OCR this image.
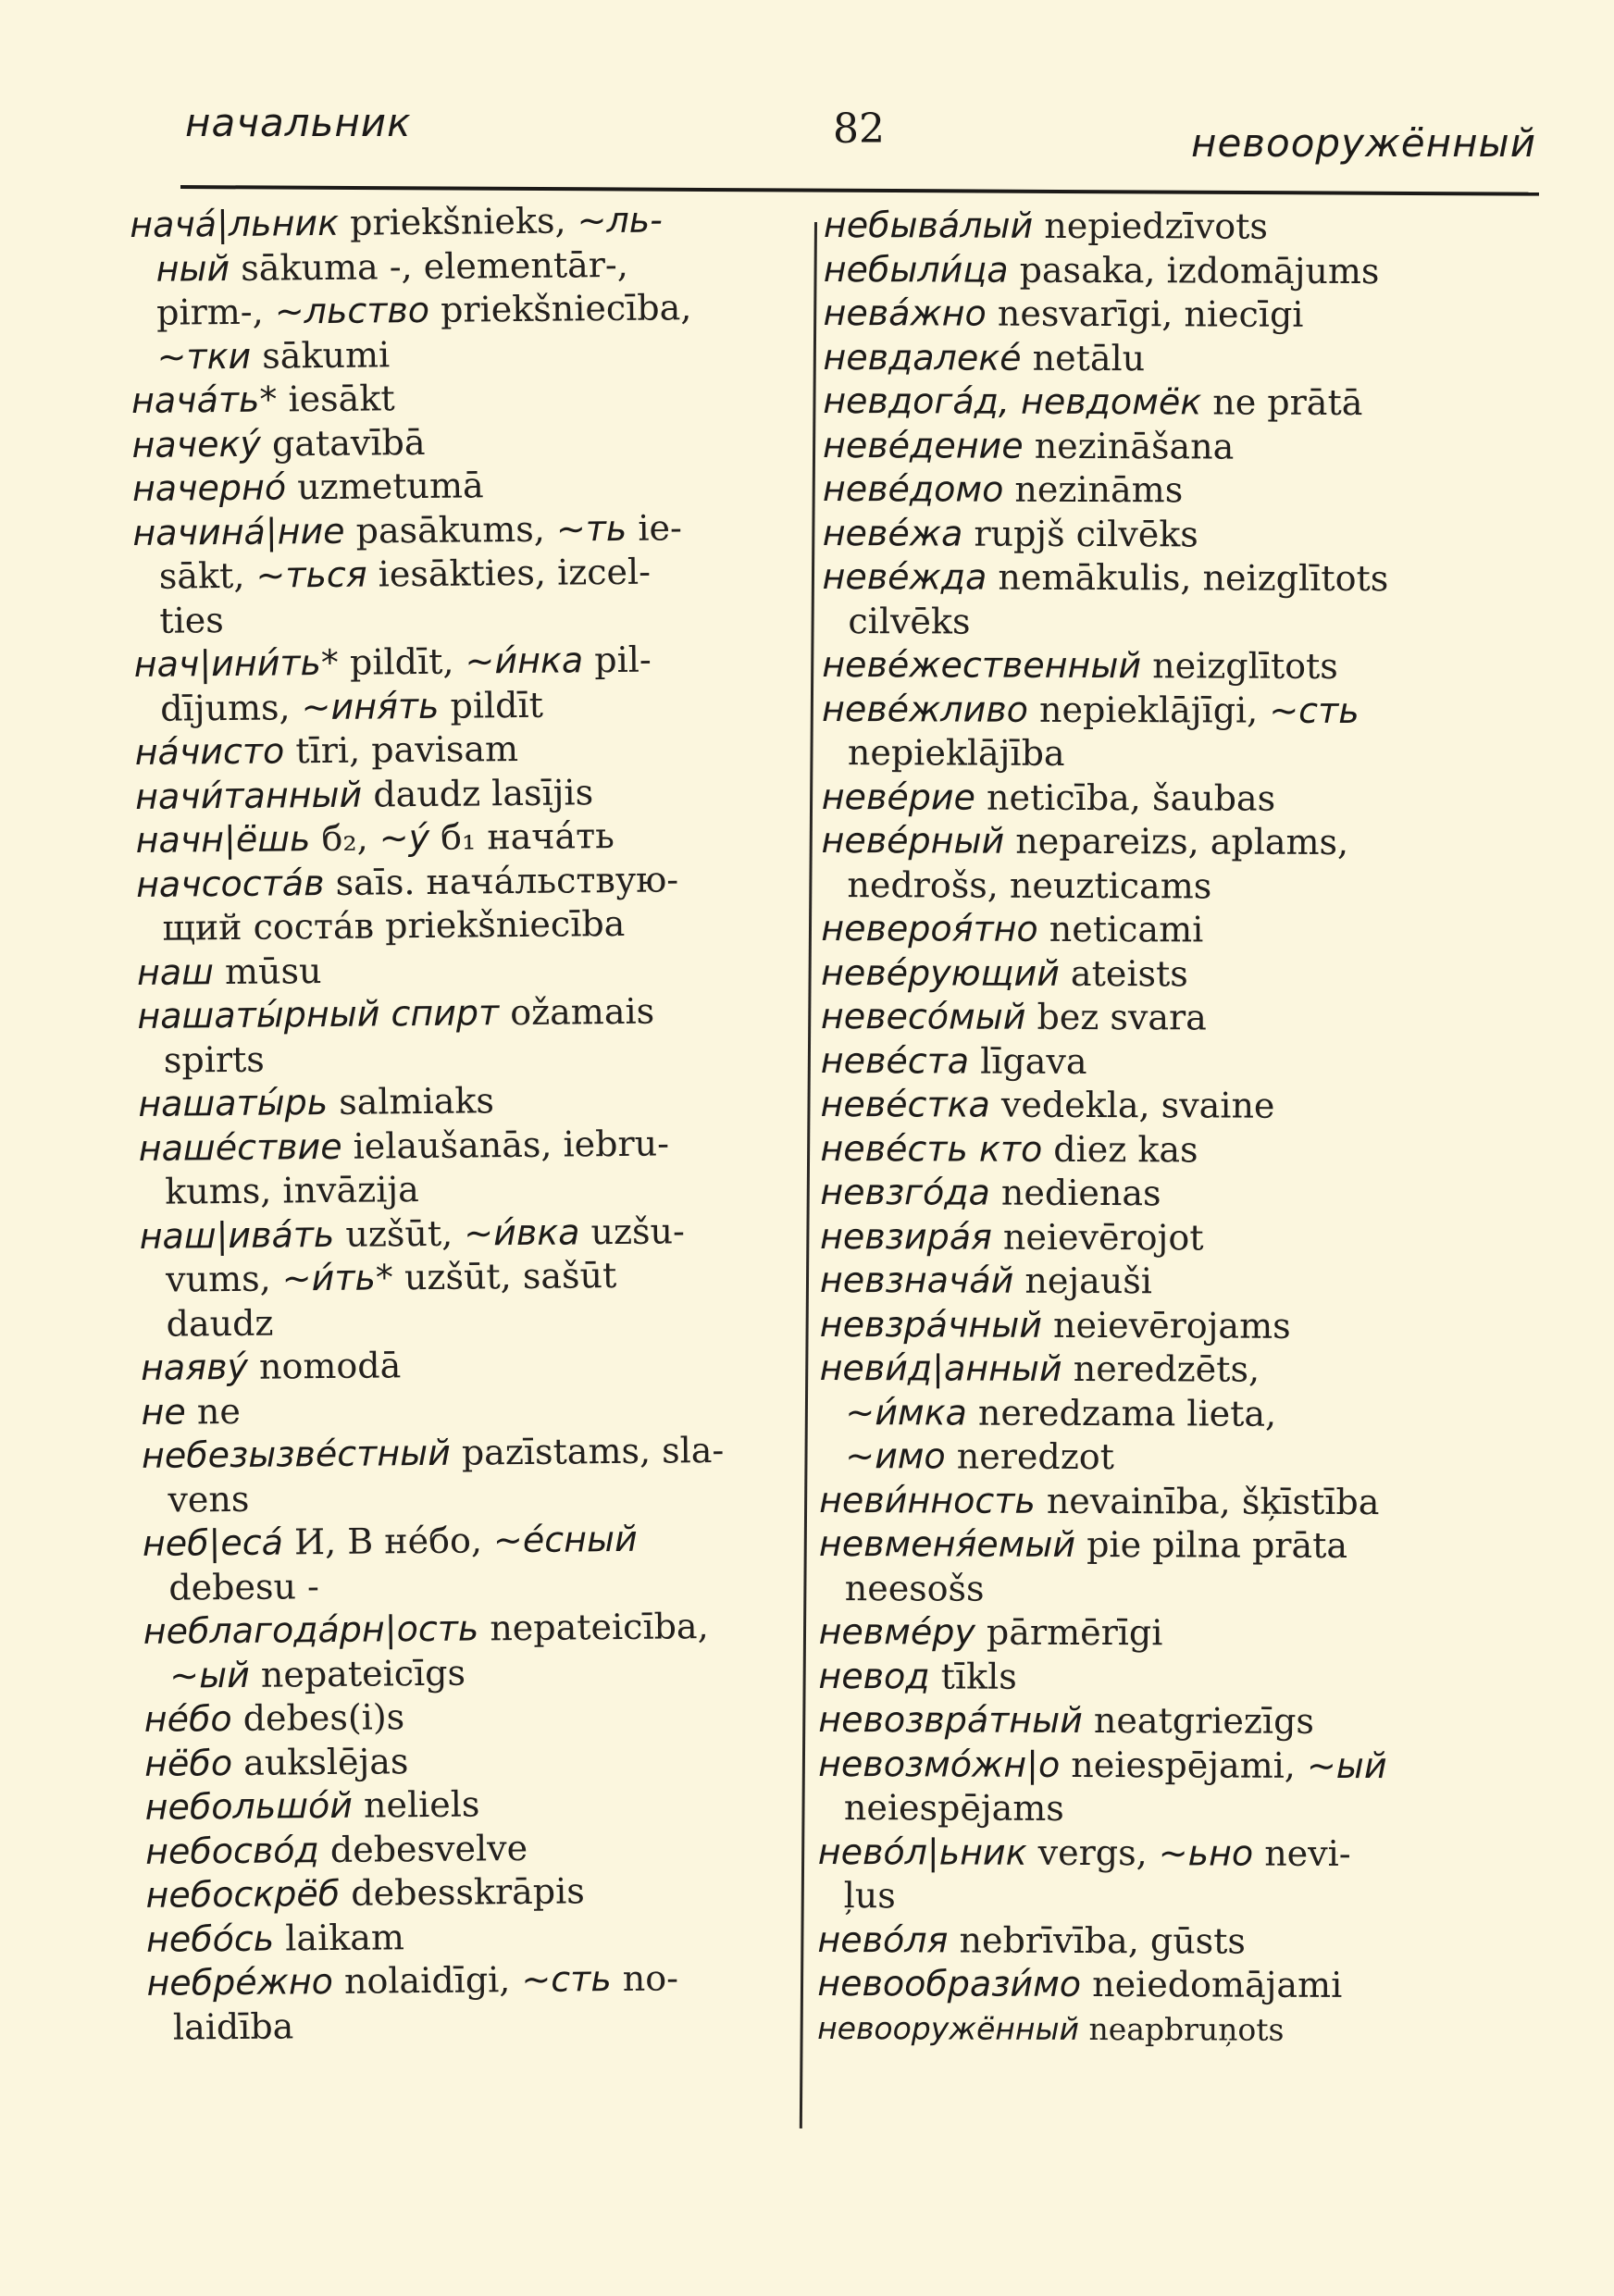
начальник	82	невооружённый
нача́|льник priekšnieks, ~ль-
ный sākuma -, elementār-,
pirm-, ~льство priekšniecība,
~тки sākumi
нача́ть* iesākt
начеку́ gatavībā
начерно́ uzmetumā
начина́|ние pasākums, ~ть ie-
sākt, ~ться iesākties, izcel-
ties
нач|ини́ть* pildīt, ~и́нка pil-
dījums, ~иня́ть pildīt
на́чисто tīri, pavisam
начи́танный daudz lasījis
начн|ёшь б₂, ~у́ б₁ нача́ть
начсоста́в saīs. нача́льствую-
щий соста́в priekšniecība
наш mūsu
нашаты́рный спирт ožamais
spirts
нашаты́рь salmiaks
наше́ствие ielaušanās, iebru-
kums, invāzija
наш|ива́ть uzšūt, ~и́вка uzšu-
vums, ~и́ть* uzšūt, sašūt
daudz
наяву́ nomodā
не ne
небезызве́стный pazīstams, sla-
vens
неб|еса́ И, В не́бо, ~е́сный
debesu -
неблагода́рн|ость nepateicība,
~ый nepateicīgs
не́бо debes(i)s
нёбо aukslējas
небольшо́й neliels
небосво́д debesvelve
небоскрёб debesskrāpis
небо́сь laikam
небре́жно nolaidīgi, ~сть no-
laidība
небыва́лый nepiedzīvots
небыли́ца pasaka, izdomājums
нева́жно nesvarīgi, niecīgi
невдалеке́ netālu
невдога́д, невдомёк ne prātā
неве́дение nezināšana
неве́домо nezināms
неве́жа rupjš cilvēks
неве́жда nemākulis, neizglītots
cilvēks
неве́жественный neizglītots
неве́жливо nepieklājīgi, ~сть
nepieklājība
неве́рие neticība, šaubas
неве́рный nepareizs, aplams,
nedrošs, neuzticams
невероя́тно neticami
неве́рующий ateists
невесо́мый bez svara
неве́ста līgava
неве́стка vedekla, svaine
неве́сть кто diez kas
невзго́да nedienas
невзира́я neievērojot
невзнача́й nejauši
невзра́чный neievērojams
неви́д|анный neredzēts,
~и́мка neredzama lieta,
~имо neredzot
неви́нность nevainība, šķīstība
невменя́емый pie pilna prāta
neesošs
невме́ру pārmērīgi
невод tīkls
невозвра́тный neatgriezīgs
невозмо́жн|о neiespējami, ~ый
neiespējams
нево́л|ьник vergs, ~ьно nevi-
ļus
нево́ля nebrīvība, gūsts
невообрази́мо neiedomājami
невооружённый neapbruņots
